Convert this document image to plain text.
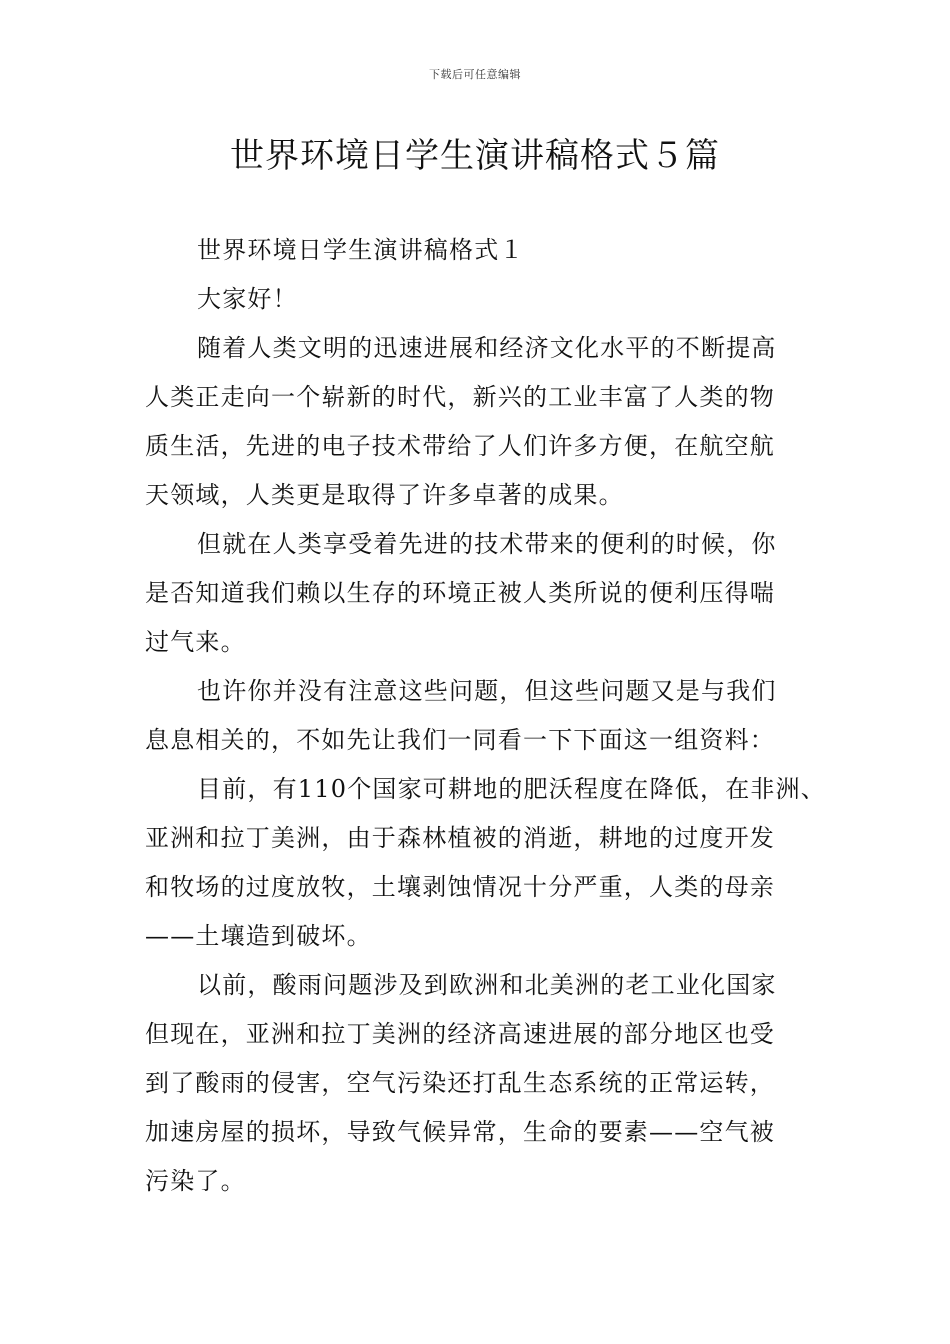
下载后可任意编辑
世界环境日学生演讲稿格式５篇
世界环境日学生演讲稿格式１
大家好！
随着人类文明的迅速进展和经济文化水平的不断提高
人类正走向一个崭新的时代，新兴的工业丰富了人类的物
质生活，先进的电子技术带给了人们许多方便，在航空航
天领域，人类更是取得了许多卓著的成果。
但就在人类享受着先进的技术带来的便利的时候，你
是否知道我们赖以生存的环境正被人类所说的便利压得喘
过气来。
也许你并没有注意这些问题，但这些问题又是与我们
息息相关的，不如先让我们一同看一下下面这一组资料：
目前，有110个国家可耕地的肥沃程度在降低，在非洲、
亚洲和拉丁美洲，由于森林植被的消逝，耕地的过度开发
和牧场的过度放牧，土壤剥蚀情况十分严重，人类的母亲
——土壤造到破坏。
以前，酸雨问题涉及到欧洲和北美洲的老工业化国家
但现在，亚洲和拉丁美洲的经济高速进展的部分地区也受
到了酸雨的侵害，空气污染还打乱生态系统的正常运转，
加速房屋的损坏，导致气候异常，生命的要素——空气被
污染了。
